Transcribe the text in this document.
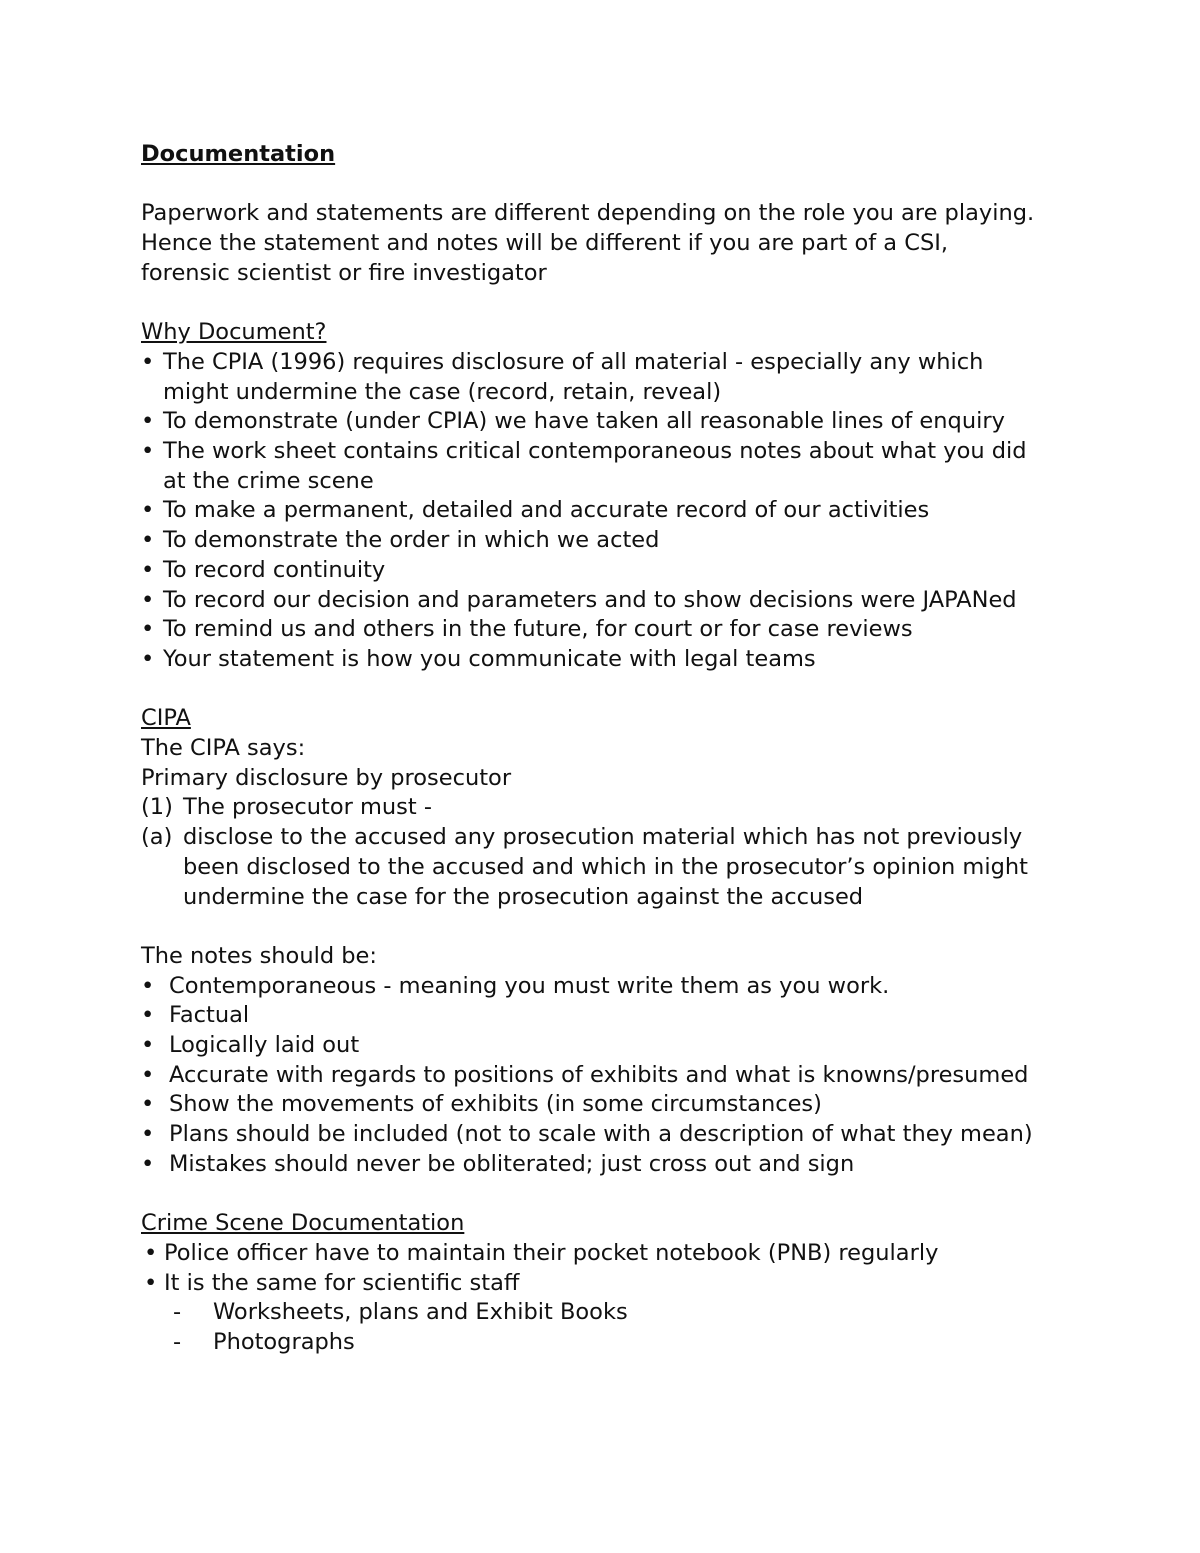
Documentation
Paperwork and statements are different depending on the role you are playing.
Hence the statement and notes will be different if you are part of a CSI,
forensic scientist or fire investigator
Why Document?
• The CPIA (1996) requires disclosure of all material - especially any which
might undermine the case (record, retain, reveal)
• To demonstrate (under CPIA) we have taken all reasonable lines of enquiry
• The work sheet contains critical contemporaneous notes about what you did
at the crime scene
• To make a permanent, detailed and accurate record of our activities
• To demonstrate the order in which we acted
• To record continuity
• To record our decision and parameters and to show decisions were JAPANed
• To remind us and others in the future, for court or for case reviews
• Your statement is how you communicate with legal teams
CIPA
The CIPA says:
Primary disclosure by prosecutor
(1) The prosecutor must -
(a) disclose to the accused any prosecution material which has not previously
been disclosed to the accused and which in the prosecutor’s opinion might
undermine the case for the prosecution against the accused
The notes should be:
• Contemporaneous - meaning you must write them as you work.
• Factual
• Logically laid out
• Accurate with regards to positions of exhibits and what is knowns/presumed
• Show the movements of exhibits (in some circumstances)
• Plans should be included (not to scale with a description of what they mean)
• Mistakes should never be obliterated; just cross out and sign
Crime Scene Documentation
• Police officer have to maintain their pocket notebook (PNB) regularly
• It is the same for scientific staff
-	Worksheets, plans and Exhibit Books
-	Photographs
